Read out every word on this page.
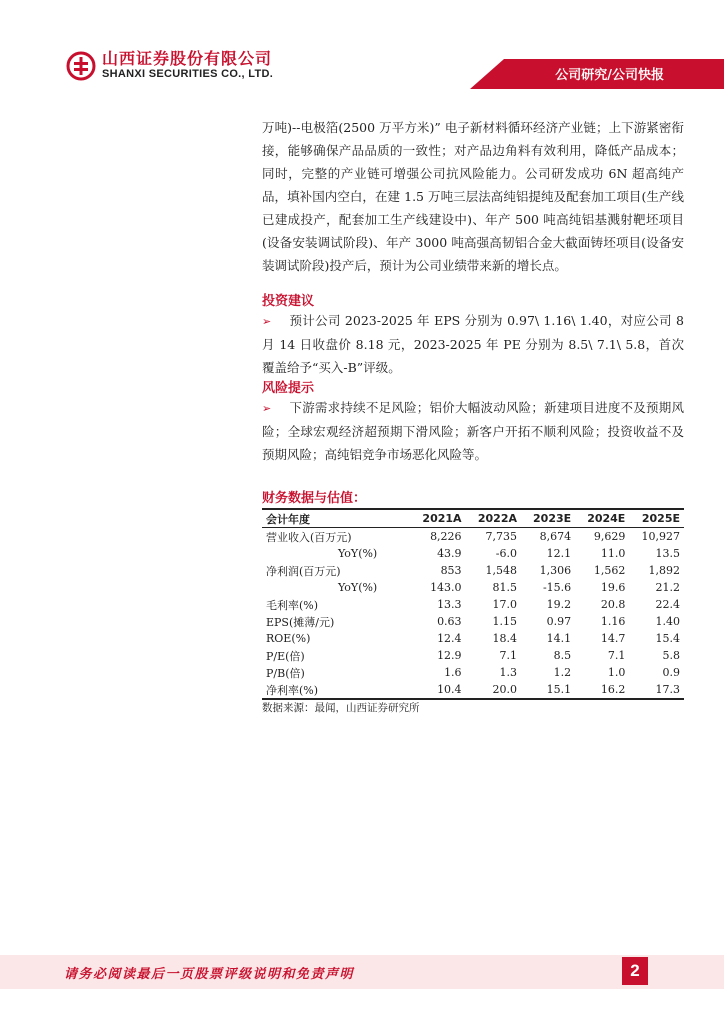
山西证券股份有限公司
SHANXI SECURITIES CO., LTD.	公司研究/公司快报
万吨)--电极箔(2500 万平方米)” 电子新材料循环经济产业链；上下游紧密衔接，能够确保产品品质的一致性；对产品边角料有效利用，降低产品成本；同时，完整的产业链可增强公司抗风险能力。公司研发成功 6N 超高纯产品，填补国内空白，在建 1.5 万吨三层法高纯铝提纯及配套加工项目(生产线已建成投产，配套加工生产线建设中)、年产 500 吨高纯铝基溅射靶坯项目(设备安装调试阶段)、年产 3000 吨高强高韧铝合金大截面铸坯项目(设备安装调试阶段)投产后，预计为公司业绩带来新的增长点。
投资建议
➢ 预计公司 2023-2025 年 EPS 分别为 0.97\ 1.16\ 1.40，对应公司 8 月 14 日收盘价 8.18 元，2023-2025 年 PE 分别为 8.5\ 7.1\ 5.8，首次覆盖给予“买入-B”评级。
风险提示
➢ 下游需求持续不足风险；铝价大幅波动风险；新建项目进度不及预期风险；全球宏观经济超预期下滑风险；新客户开拓不顺利风险；投资收益不及预期风险；高纯铝竞争市场恶化风险等。
财务数据与估值：
会计年度	2021A	2022A	2023E	2024E	2025E
营业收入(百万元)	8,226	7,735	8,674	9,629	10,927
YoY(%)	43.9	-6.0	12.1	11.0	13.5
净利润(百万元)	853	1,548	1,306	1,562	1,892
YoY(%)	143.0	81.5	-15.6	19.6	21.2
毛利率(%)	13.3	17.0	19.2	20.8	22.4
EPS(摊薄/元)	0.63	1.15	0.97	1.16	1.40
ROE(%)	12.4	18.4	14.1	14.7	15.4
P/E(倍)	12.9	7.1	8.5	7.1	5.8
P/B(倍)	1.6	1.3	1.2	1.0	0.9
净利率(%)	10.4	20.0	15.1	16.2	17.3
数据来源：最闻，山西证券研究所
请务必阅读最后一页股票评级说明和免责声明	2
